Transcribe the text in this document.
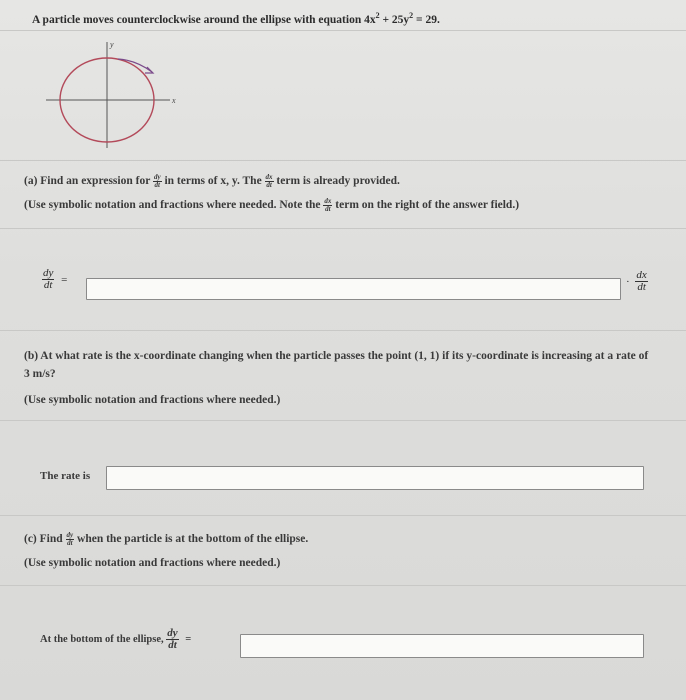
A particle moves counterclockwise around the ellipse with equation $4x^2 + 25y^2 = 29$.
x
y
(a) Find an expression for $\frac{dy}{dt}$ in terms of x, y. The $\frac{dx}{dt}$ term is already provided.
(Use symbolic notation and fractions where needed. Note the $\frac{dx}{dt}$ term on the right of the answer field.)
$\frac{dy}{dt}$ =	· $\frac{dx}{dt}$
(b) At what rate is the x-coordinate changing when the particle passes the point (1, 1) if its y-coordinate is increasing at a rate of
3 m/s?
(Use symbolic notation and fractions where needed.)
The rate is
(c) Find $\frac{dy}{dt}$ when the particle is at the bottom of the ellipse.
(Use symbolic notation and fractions where needed.)
At the bottom of the ellipse, $\frac{dy}{dt}$ =
